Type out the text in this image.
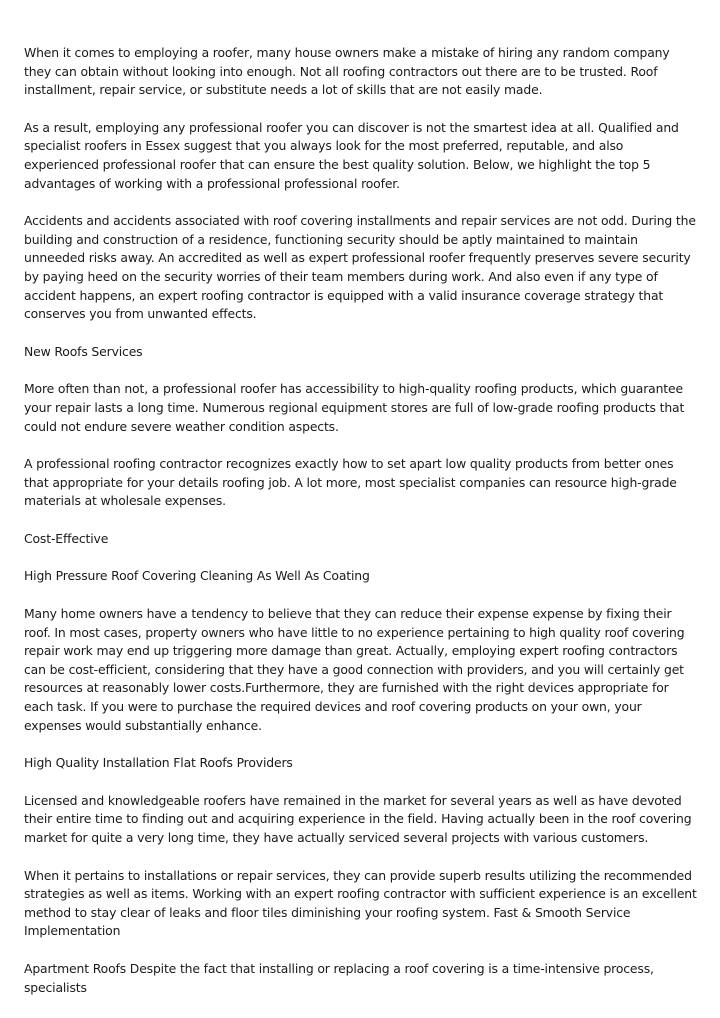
When it comes to employing a roofer, many house owners make a mistake of hiring any random company they can obtain without looking into enough. Not all roofing contractors out there are to be trusted. Roof installment, repair service, or substitute needs a lot of skills that are not easily made.

As a result, employing any professional roofer you can discover is not the smartest idea at all. Qualified and specialist roofers in Essex suggest that you always look for the most preferred, reputable, and also experienced professional roofer that can ensure the best quality solution. Below, we highlight the top 5 advantages of working with a professional professional roofer.

Accidents and accidents associated with roof covering installments and repair services are not odd. During the building and construction of a residence, functioning security should be aptly maintained to maintain unneeded risks away. An accredited as well as expert professional roofer frequently preserves severe security by paying heed on the security worries of their team members during work. And also even if any type of accident happens, an expert roofing contractor is equipped with a valid insurance coverage strategy that conserves you from unwanted effects.

New Roofs Services

More often than not, a professional roofer has accessibility to high-quality roofing products, which guarantee your repair lasts a long time. Numerous regional equipment stores are full of low-grade roofing products that could not endure severe weather condition aspects.

A professional roofing contractor recognizes exactly how to set apart low quality products from better ones that appropriate for your details roofing job. A lot more, most specialist companies can resource high-grade materials at wholesale expenses.

Cost-Effective

High Pressure Roof Covering Cleaning As Well As Coating

Many home owners have a tendency to believe that they can reduce their expense expense by fixing their roof. In most cases, property owners who have little to no experience pertaining to high quality roof covering repair work may end up triggering more damage than great. Actually, employing expert roofing contractors can be cost-efficient, considering that they have a good connection with providers, and you will certainly get resources at reasonably lower costs.Furthermore, they are furnished with the right devices appropriate for each task. If you were to purchase the required devices and roof covering products on your own, your expenses would substantially enhance.

High Quality Installation Flat Roofs Providers

Licensed and knowledgeable roofers have remained in the market for several years as well as have devoted their entire time to finding out and acquiring experience in the field. Having actually been in the roof covering market for quite a very long time, they have actually serviced several projects with various customers.

When it pertains to installations or repair services, they can provide superb results utilizing the recommended strategies as well as items. Working with an expert roofing contractor with sufficient experience is an excellent method to stay clear of leaks and floor tiles diminishing your roofing system. Fast & Smooth Service Implementation

Apartment Roofs Despite the fact that installing or replacing a roof covering is a time-intensive process, specialists
